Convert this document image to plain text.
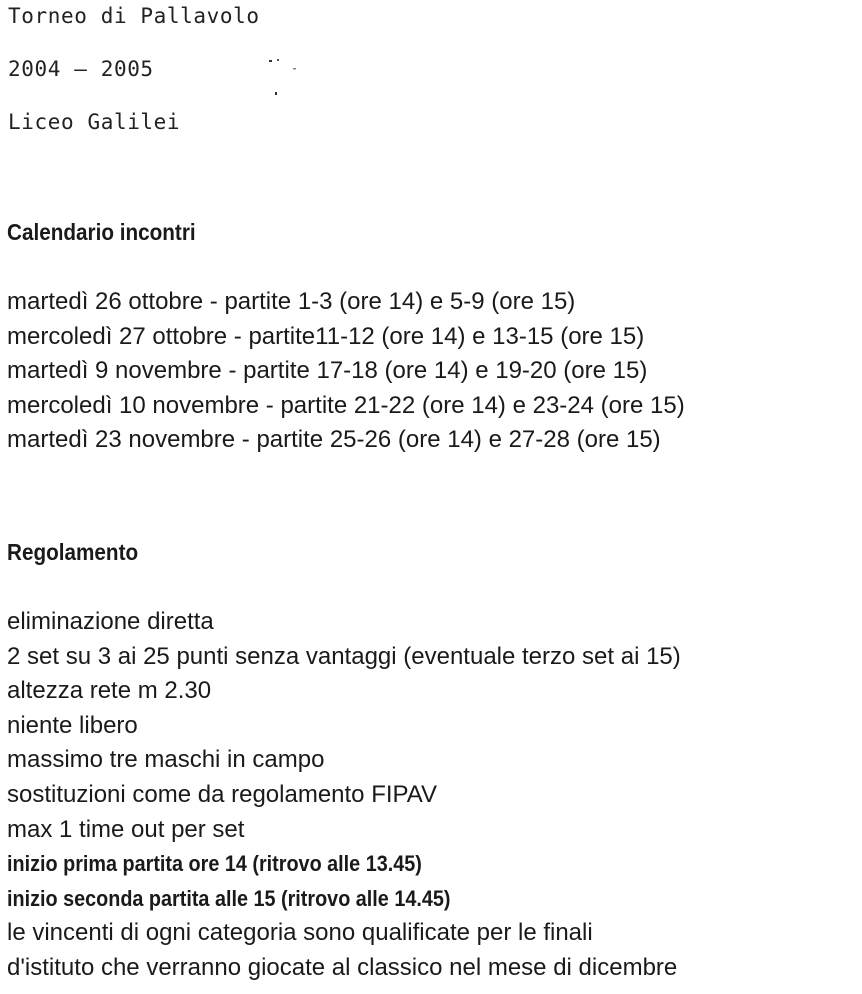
Torneo di Pallavolo
2004 – 2005
Liceo Galilei
Calendario incontri
martedì 26 ottobre - partite 1-3 (ore 14) e 5-9 (ore 15)
mercoledì 27 ottobre - partite11-12 (ore 14) e 13-15 (ore 15)
martedì 9 novembre - partite 17-18 (ore 14) e 19-20 (ore 15)
mercoledì 10 novembre - partite 21-22 (ore 14) e 23-24 (ore 15)
martedì 23 novembre - partite 25-26 (ore 14) e 27-28 (ore 15)
Regolamento
eliminazione diretta
2 set su 3 ai 25 punti senza vantaggi (eventuale terzo set ai 15)
altezza rete m 2.30
niente libero
massimo tre maschi in campo
sostituzioni come da regolamento FIPAV
max 1 time out per set
inizio prima partita ore 14 (ritrovo alle 13.45)
inizio seconda partita alle 15 (ritrovo alle 14.45)
le vincenti di ogni categoria sono qualificate per le finali
d'istituto che verranno giocate al classico nel mese di dicembre
